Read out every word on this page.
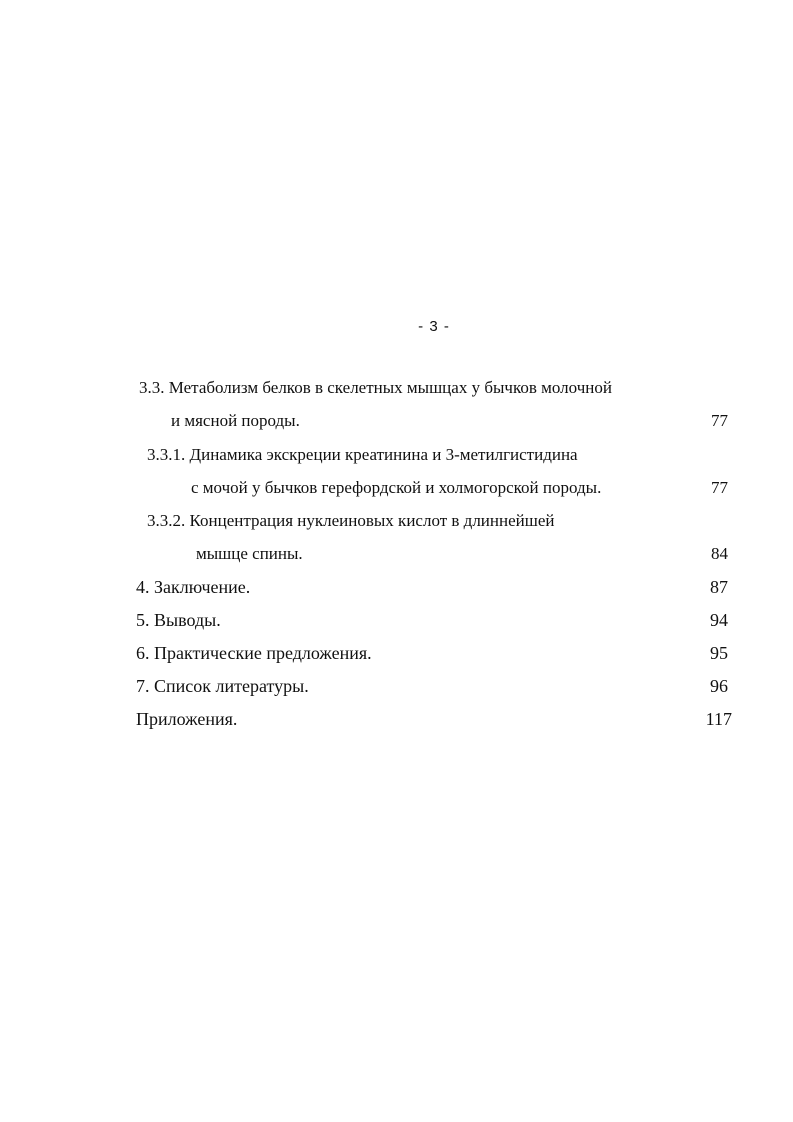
- 3 -
3.3. Метаболизм белков в скелетных мышцах у бычков молочной
и мясной породы.	77
3.3.1. Динамика экскреции креатинина и 3-метилгистидина
с мочой у бычков герефордской и холмогорской породы.	77
3.3.2. Концентрация нуклеиновых кислот в длиннейшей
мышце спины.	84
4. Заключение.	87
5. Выводы.	94
6. Практические предложения.	95
7. Список литературы.	96
Приложения.	117
